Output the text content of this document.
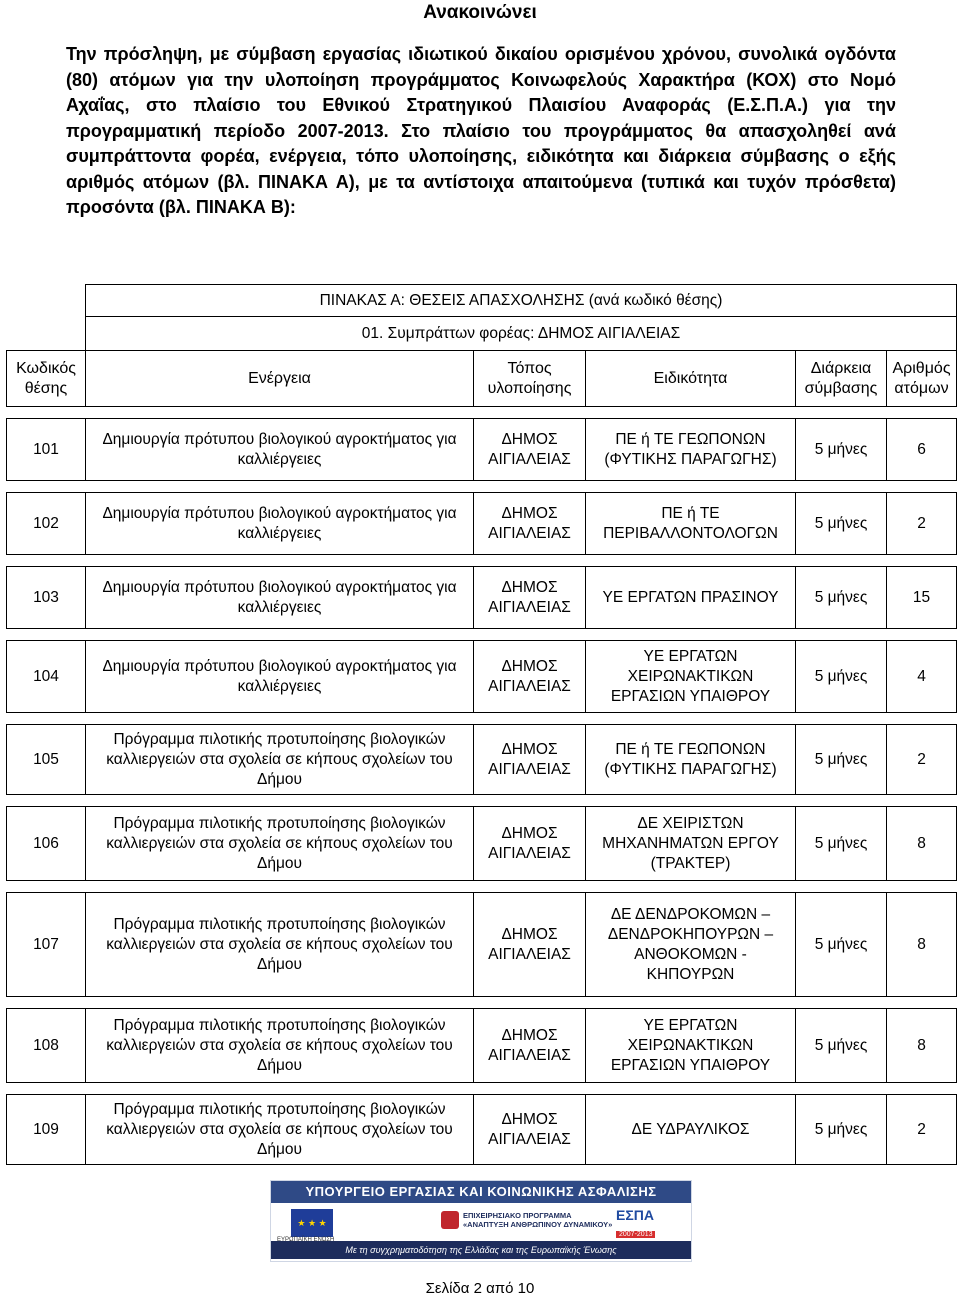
Ανακοινώνει

Την πρόσληψη, με σύμβαση εργασίας ιδιωτικού δικαίου ορισμένου χρόνου, συνολικά ογδόντα (80) ατόμων για την υλοποίηση προγράμματος Κοινωφελούς Χαρακτήρα (ΚΟΧ) στο Νομό Αχαΐας, στο πλαίσιο του Εθνικού Στρατηγικού Πλαισίου Αναφοράς (Ε.Σ.Π.Α.) για την προγραμματική περίοδο 2007-2013. Στο πλαίσιο του προγράμματος θα απασχοληθεί ανά συμπράττοντα φορέα, ενέργεια, τόπο υλοποίησης, ειδικότητα και διάρκεια σύμβασης ο εξής αριθμός ατόμων (βλ. ΠΙΝΑΚΑ Α), με τα αντίστοιχα απαιτούμενα (τυπικά και τυχόν πρόσθετα) προσόντα (βλ. ΠΙΝΑΚΑ Β):

	ΠΙΝΑΚΑΣ Α: ΘΕΣΕΙΣ ΑΠΑΣΧΟΛΗΣΗΣ (ανά κωδικό θέσης)				
	01. Συμπράττων φορέας: ΔΗΜΟΣ ΑΙΓΙΑΛΕΙΑΣ				
Κωδικός θέσης	Ενέργεια	Τόπος υλοποίησης	Ειδικότητα	Διάρκεια σύμβασης	Αριθμός ατόμων

101	Δημιουργία πρότυπου βιολογικού αγροκτήματος για καλλιέργειες	ΔΗΜΟΣ ΑΙΓΙΑΛΕΙΑΣ	ΠΕ ή ΤΕ ΓΕΩΠΟΝΩΝ (ΦΥΤΙΚΗΣ ΠΑΡΑΓΩΓΗΣ)	5 μήνες	6

102	Δημιουργία πρότυπου βιολογικού αγροκτήματος για καλλιέργειες	ΔΗΜΟΣ ΑΙΓΙΑΛΕΙΑΣ	ΠΕ ή ΤΕ ΠΕΡΙΒΑΛΛΟΝΤΟΛΟΓΩΝ	5 μήνες	2

103	Δημιουργία πρότυπου βιολογικού αγροκτήματος για καλλιέργειες	ΔΗΜΟΣ ΑΙΓΙΑΛΕΙΑΣ	ΥΕ ΕΡΓΑΤΩΝ ΠΡΑΣΙΝΟΥ	5 μήνες	15

104	Δημιουργία πρότυπου βιολογικού αγροκτήματος για καλλιέργειες	ΔΗΜΟΣ ΑΙΓΙΑΛΕΙΑΣ	ΥΕ ΕΡΓΑΤΩΝ ΧΕΙΡΩΝΑΚΤΙΚΩΝ ΕΡΓΑΣΙΩΝ ΥΠΑΙΘΡΟΥ	5 μήνες	4

105	Πρόγραμμα πιλοτικής προτυποίησης βιολογικών καλλιεργειών στα σχολεία σε κήπους σχολείων του Δήμου	ΔΗΜΟΣ ΑΙΓΙΑΛΕΙΑΣ	ΠΕ ή ΤΕ ΓΕΩΠΟΝΩΝ (ΦΥΤΙΚΗΣ ΠΑΡΑΓΩΓΗΣ)	5 μήνες	2

106	Πρόγραμμα πιλοτικής προτυποίησης βιολογικών καλλιεργειών στα σχολεία σε κήπους σχολείων του Δήμου	ΔΗΜΟΣ ΑΙΓΙΑΛΕΙΑΣ	ΔΕ ΧΕΙΡΙΣΤΩΝ ΜΗΧΑΝΗΜΑΤΩΝ ΕΡΓΟΥ (ΤΡΑΚΤΕΡ)	5 μήνες	8

107	Πρόγραμμα πιλοτικής προτυποίησης βιολογικών καλλιεργειών στα σχολεία σε κήπους σχολείων του Δήμου	ΔΗΜΟΣ ΑΙΓΙΑΛΕΙΑΣ	ΔΕ ΔΕΝΔΡΟΚΟΜΩΝ – ΔΕΝΔΡΟΚΗΠΟΥΡΩΝ – ΑΝΘΟΚΟΜΩΝ - ΚΗΠΟΥΡΩΝ	5 μήνες	8

108	Πρόγραμμα πιλοτικής προτυποίησης βιολογικών καλλιεργειών στα σχολεία σε κήπους σχολείων του Δήμου	ΔΗΜΟΣ ΑΙΓΙΑΛΕΙΑΣ	ΥΕ ΕΡΓΑΤΩΝ ΧΕΙΡΩΝΑΚΤΙΚΩΝ ΕΡΓΑΣΙΩΝ ΥΠΑΙΘΡΟΥ	5 μήνες	8

109	Πρόγραμμα πιλοτικής προτυποίησης βιολογικών καλλιεργειών στα σχολεία σε κήπους σχολείων του Δήμου	ΔΗΜΟΣ ΑΙΓΙΑΛΕΙΑΣ	ΔΕ ΥΔΡΑΥΛΙΚΟΣ	5 μήνες	2
ΥΠΟΥΡΓΕΙΟ ΕΡΓΑΣΙΑΣ ΚΑΙ ΚΟΙΝΩΝΙΚΗΣ ΑΣΦΑΛΙΣΗΣ
★ ★ ★
ΕΥΡΩΠΑΪΚΗ ΕΝΩΣΗ
ΕΠΙΧΕΙΡΗΣΙΑΚΟ ΠΡΟΓΡΑΜΜΑ
«ΑΝΑΠΤΥΞΗ ΑΝΘΡΩΠΙΝΟΥ ΔΥΝΑΜΙΚΟΥ»
ΕΣΠΑ
2007-2013
Με τη συγχρηματοδότηση της Ελλάδας και της Ευρωπαϊκής Ένωσης
Σελίδα 2 από 10
